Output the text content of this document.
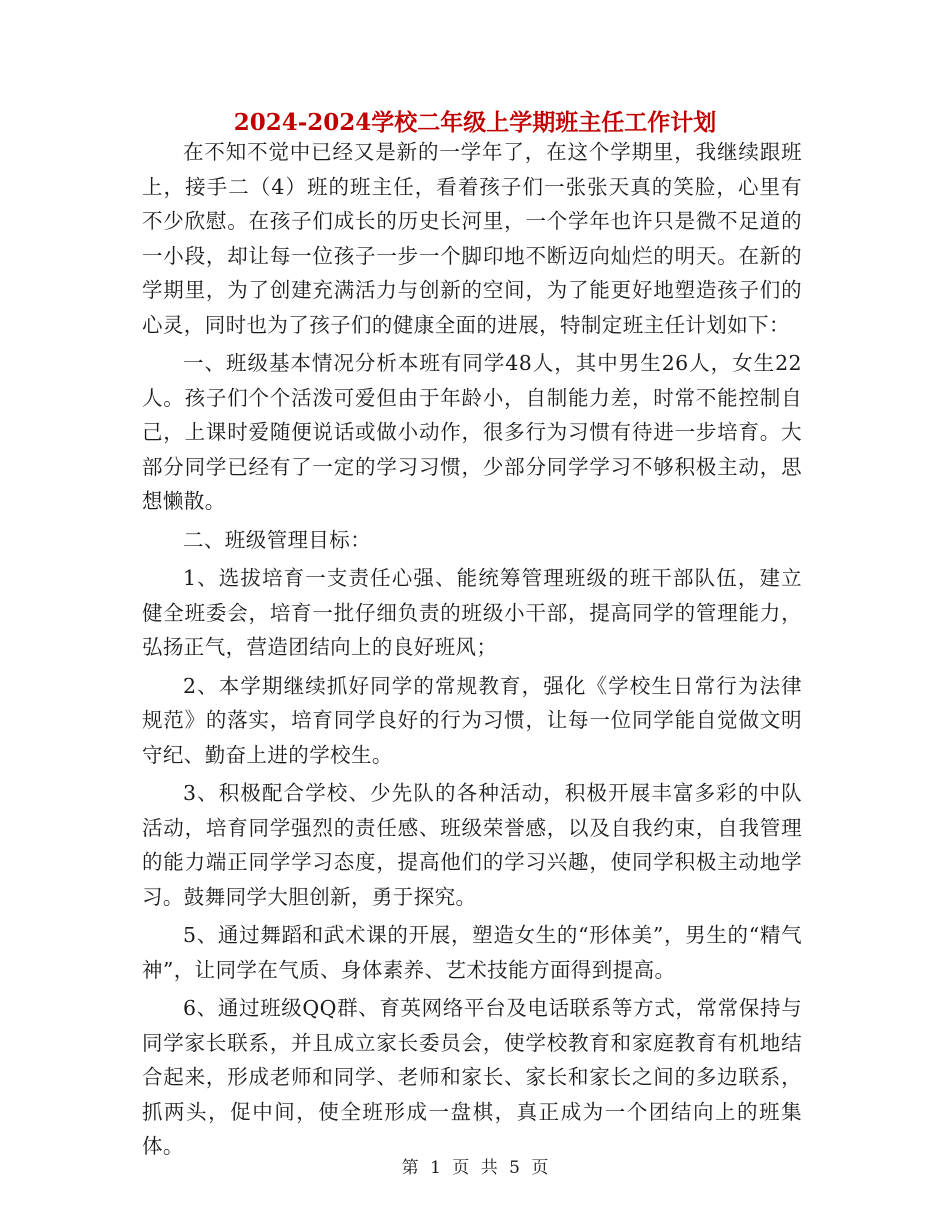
2024-2024学校二年级上学期班主任工作计划

在不知不觉中已经又是新的一学年了，在这个学期里，我继续跟班上，接手二（4）班的班主任，看着孩子们一张张天真的笑脸，心里有不少欣慰。在孩子们成长的历史长河里，一个学年也许只是微不足道的一小段，却让每一位孩子一步一个脚印地不断迈向灿烂的明天。在新的学期里，为了创建充满活力与创新的空间，为了能更好地塑造孩子们的心灵，同时也为了孩子们的健康全面的进展，特制定班主任计划如下：

一、班级基本情况分析本班有同学48人，其中男生26人，女生22人。孩子们个个活泼可爱但由于年龄小，自制能力差，时常不能控制自己，上课时爱随便说话或做小动作，很多行为习惯有待进一步培育。大部分同学已经有了一定的学习习惯，少部分同学学习不够积极主动，思想懒散。

二、班级管理目标：

1、选拔培育一支责任心强、能统筹管理班级的班干部队伍，建立健全班委会，培育一批仔细负责的班级小干部，提高同学的管理能力，弘扬正气，营造团结向上的良好班风；

2、本学期继续抓好同学的常规教育，强化《学校生日常行为法律规范》的落实，培育同学良好的行为习惯，让每一位同学能自觉做文明守纪、勤奋上进的学校生。

3、积极配合学校、少先队的各种活动，积极开展丰富多彩的中队活动，培育同学强烈的责任感、班级荣誉感，以及自我约束，自我管理的能力端正同学学习态度，提高他们的学习兴趣，使同学积极主动地学习。鼓舞同学大胆创新，勇于探究。

5、通过舞蹈和武术课的开展，塑造女生的“形体美”，男生的“精气神”，让同学在气质、身体素养、艺术技能方面得到提高。

6、通过班级QQ群、育英网络平台及电话联系等方式，常常保持与同学家长联系，并且成立家长委员会，使学校教育和家庭教育有机地结合起来，形成老师和同学、老师和家长、家长和家长之间的多边联系，抓两头，促中间，使全班形成一盘棋，真正成为一个团结向上的班集体。

第 1 页 共 5 页
